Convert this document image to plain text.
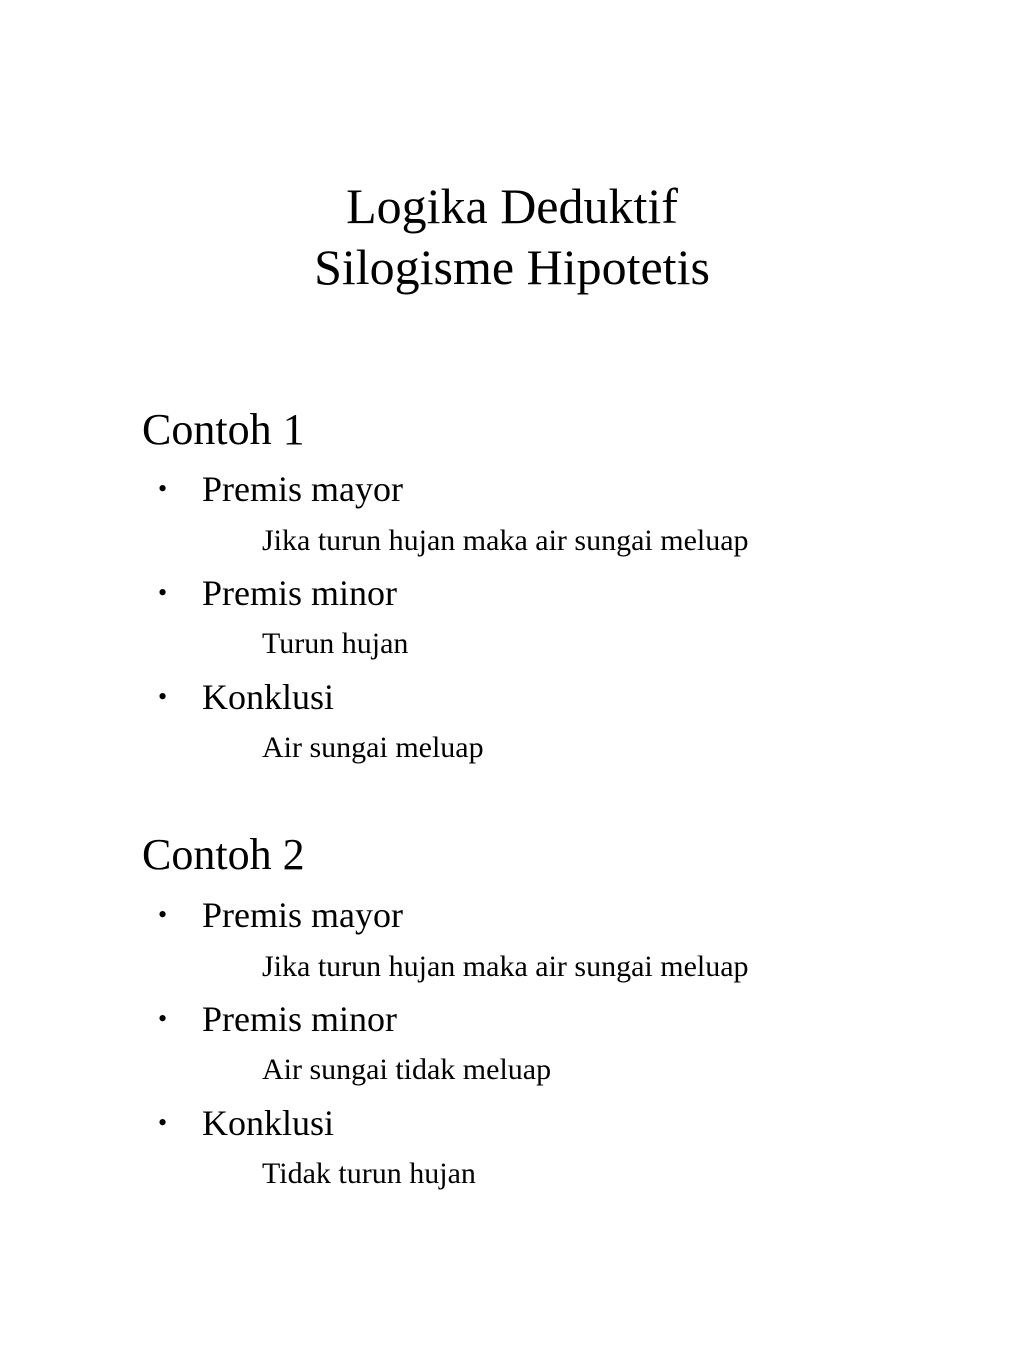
Logika Deduktif
Silogisme Hipotetis
Contoh 1
• Premis mayor
Jika turun hujan maka air sungai meluap
• Premis minor
Turun hujan
• Konklusi
Air sungai meluap
Contoh 2
• Premis mayor
Jika turun hujan maka air sungai meluap
• Premis minor
Air sungai tidak meluap
• Konklusi
Tidak turun hujan
